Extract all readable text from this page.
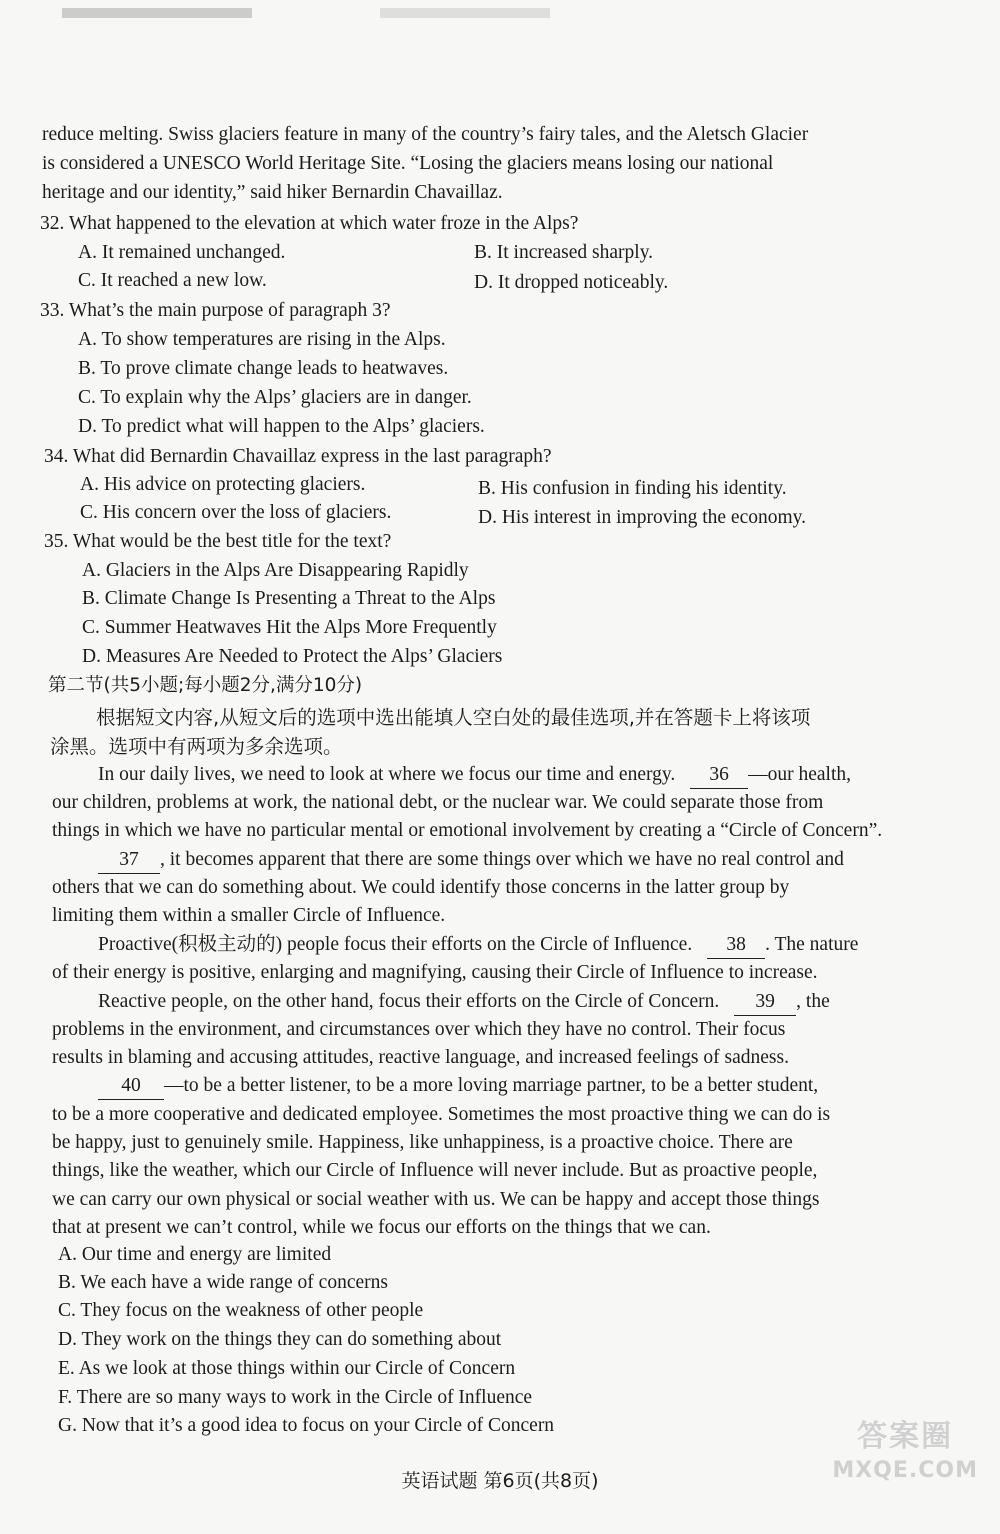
reduce melting. Swiss glaciers feature in many of the country’s fairy tales, and the Aletsch Glacier
is considered a UNESCO World Heritage Site. “Losing the glaciers means losing our national
heritage and our identity,” said hiker Bernardin Chavaillaz.
32. What happened to the elevation at which water froze in the Alps?
A. It remained unchanged.	B. It increased sharply.
C. It reached a new low.	D. It dropped noticeably.
33. What’s the main purpose of paragraph 3?
A. To show temperatures are rising in the Alps.
B. To prove climate change leads to heatwaves.
C. To explain why the Alps’ glaciers are in danger.
D. To predict what will happen to the Alps’ glaciers.
34. What did Bernardin Chavaillaz express in the last paragraph?
A. His advice on protecting glaciers.	B. His confusion in finding his identity.
C. His concern over the loss of glaciers.	D. His interest in improving the economy.
35. What would be the best title for the text?
A. Glaciers in the Alps Are Disappearing Rapidly
B. Climate Change Is Presenting a Threat to the Alps
C. Summer Heatwaves Hit the Alps More Frequently
D. Measures Are Needed to Protect the Alps’ Glaciers
第二节(共5小题;每小题2分,满分10分)
根据短文内容,从短文后的选项中选出能填人空白处的最佳选项,并在答题卡上将该项
涂黑。选项中有两项为多余选项。
In our daily lives, we need to look at where we focus our time and energy. 36 —our health,
our children, problems at work, the national debt, or the nuclear war. We could separate those from
things in which we have no particular mental or emotional involvement by creating a “Circle of Concern”.
37 , it becomes apparent that there are some things over which we have no real control and
others that we can do something about. We could identify those concerns in the latter group by
limiting them within a smaller Circle of Influence.
Proactive(积极主动的) people focus their efforts on the Circle of Influence. 38 . The nature
of their energy is positive, enlarging and magnifying, causing their Circle of Influence to increase.
Reactive people, on the other hand, focus their efforts on the Circle of Concern. 39 , the
problems in the environment, and circumstances over which they have no control. Their focus
results in blaming and accusing attitudes, reactive language, and increased feelings of sadness.
40 —to be a better listener, to be a more loving marriage partner, to be a better student,
to be a more cooperative and dedicated employee. Sometimes the most proactive thing we can do is
be happy, just to genuinely smile. Happiness, like unhappiness, is a proactive choice. There are
things, like the weather, which our Circle of Influence will never include. But as proactive people,
we can carry our own physical or social weather with us. We can be happy and accept those things
that at present we can’t control, while we focus our efforts on the things that we can.
A. Our time and energy are limited
B. We each have a wide range of concerns
C. They focus on the weakness of other people
D. They work on the things they can do something about
E. As we look at those things within our Circle of Concern
F. There are so many ways to work in the Circle of Influence
G. Now that it’s a good idea to focus on your Circle of Concern
英语试题 第6页(共8页)
答案圈
MXQE.COM
